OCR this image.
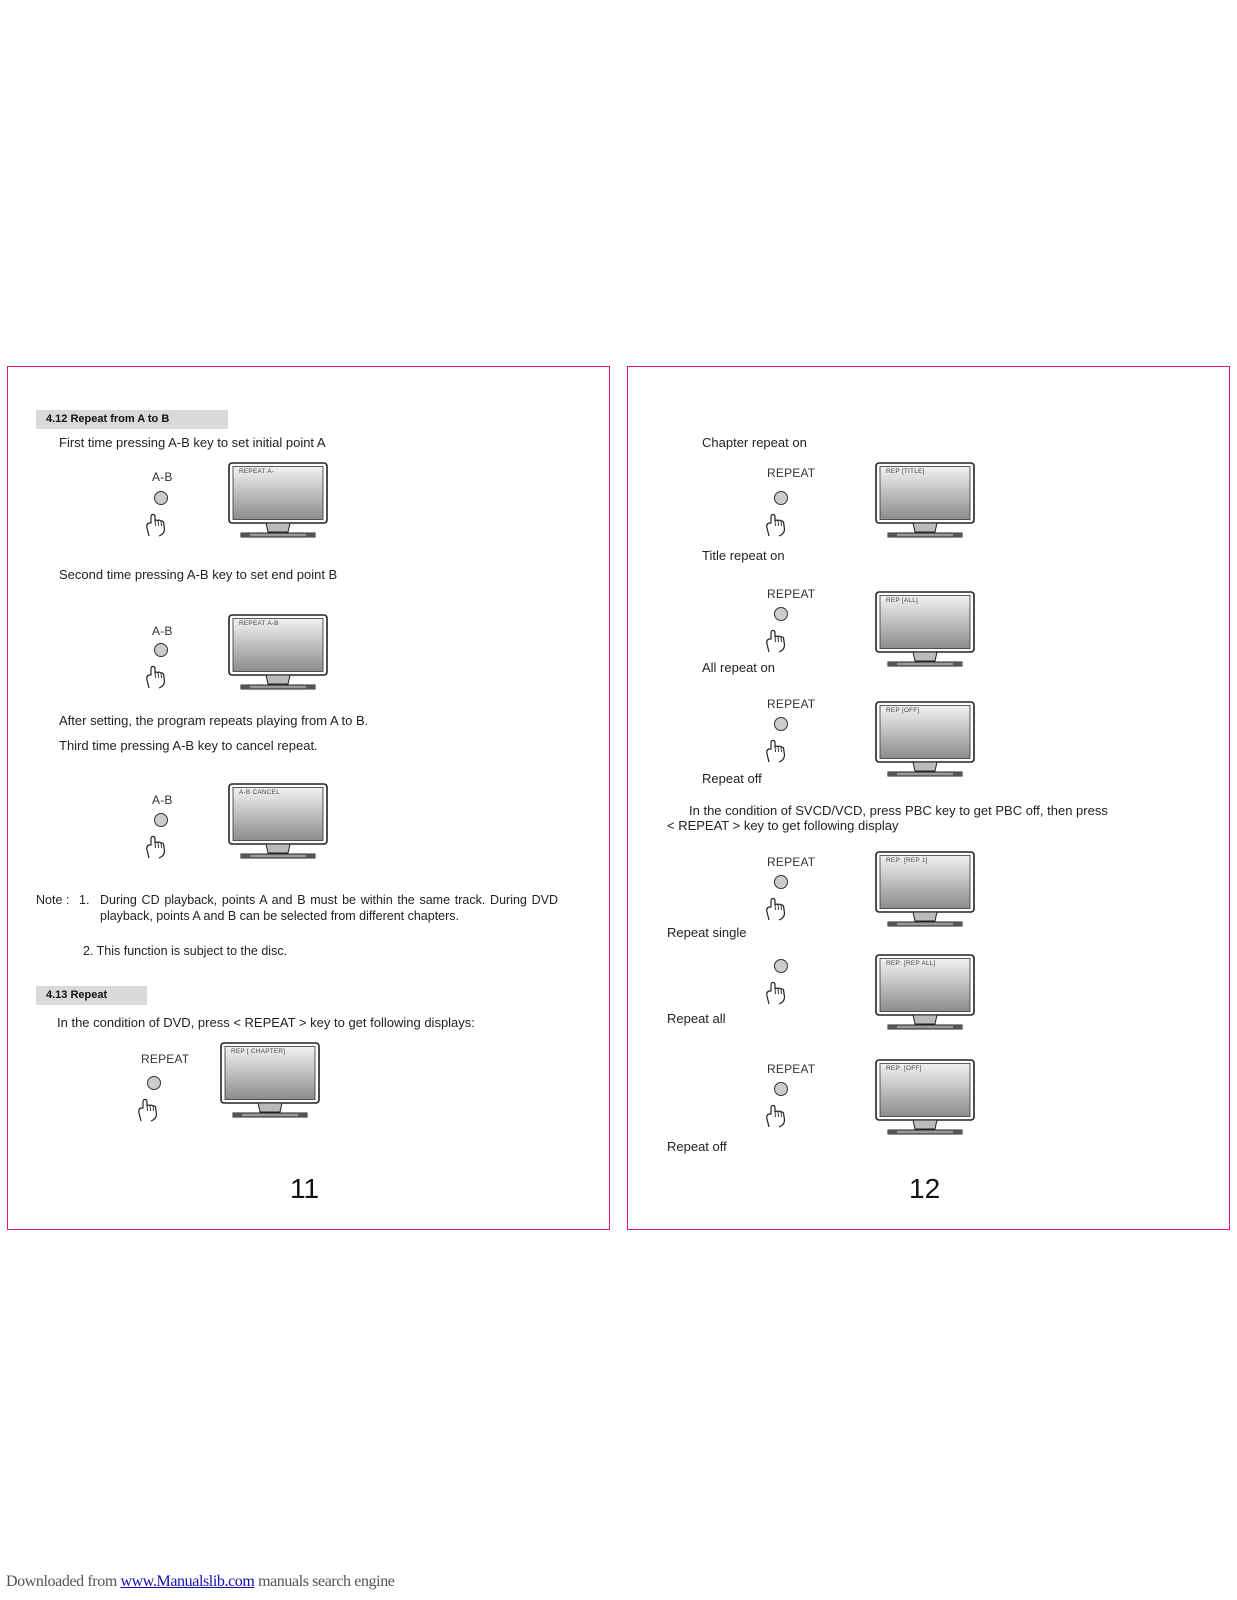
4.12 Repeat from A to B
First time pressing A-B key to set initial point A
A-B	REPEAT A-
Second time pressing A-B key to set end point B
A-B
REPEAT A-B
After setting, the program repeats playing from A to B.
Third time pressing A-B key to cancel repeat.
A-B
A-B CANCEL
Note : 1. During CD playback, points A and B must be within the same track. During DVD playback, points A and B can be selected from different chapters.
2. This function is subject to the disc.
4.13 Repeat
In the condition of DVD, press < REPEAT > key to get following displays:
REPEAT
REP [ CHAPTER]
11
Chapter repeat on
REPEAT	REP [TITLE]
Title repeat on
REPEAT	REP [ALL]
All repeat on
REPEAT	REP [OFF]
Repeat off
In the condition of SVCD/VCD, press PBC key to get PBC off, then press
< REPEAT > key to get following display
REPEAT	REP: [REP 1]
Repeat single
REP: [REP ALL]
Repeat all
REPEAT	REP: [OFF]
Repeat off
12
Downloaded from www.Manualslib.com manuals search engine
